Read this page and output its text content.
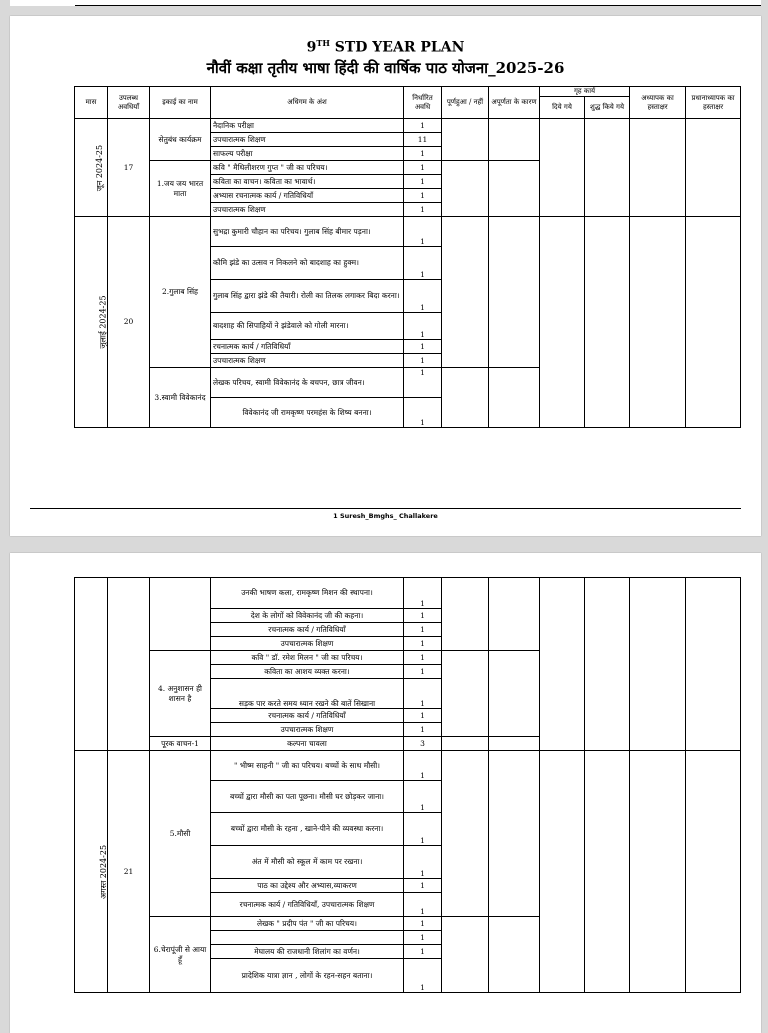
9TH STD YEAR PLAN
नौवीं कक्षा तृतीय भाषा हिंदी की वार्षिक पाठ योजना_2025-26
मास	उपलब्ध अवधियाँ	इकाई का नाम	अधिगम के अंश	निर्धारित अवधि	पूर्णहुआ / नहीं	अपूर्णता के कारण	गृह कार्य		अध्यापक का हस्ताक्षर	प्रधानाध्यापक का हस्ताक्षर
							दिये गये	शुद्ध किये गये		
जून 2024-25	17	सेतुबंध कार्यक्रम	नैदानिक परीक्षा	1						
			उपचारात्मक शिक्षण	11						
			साफल्य परीक्षा	1						
		1.जय जय भारत माता	कवि " मैथिलीशरण गुप्त " जी का परिचय।	1						
			कविता का वाचन। कविता का भावार्थ।	1						
			अभ्यास रचनात्मक कार्य / गतिविधियाँ	1						
			उपचारात्मक शिक्षण	1						
जुलाई 2024-25	20	2.गुलाब सिंह	सुभद्रा कुमारी चौहान का परिचय। गुलाब सिंह बीमार पड़ना।	1						
			कौमि झंडे का उत्सव न निकलने को बादशाह का हुक्म।	1						
			गुलाब सिंह द्वारा झंडे की तैयारी। रोली का तिलक लगाकर बिदा करना।	1						
			बादशाह की सिपाहियों ने झंडेवाले को गोली मारना।	1						
			रचनात्मक कार्य / गतिविधियाँ	1						
			उपचारात्मक शिक्षण	1						
		3.स्वामी विवेकानंद	लेखक परिचय, स्वामी विवेकानंद के बचपन, छात्र जीवन।	1						
			विवेकानंद जी रामकृष्ण परमहंस के शिष्य बनना।	1						
1 Suresh_Bmghs_ Challakere
			उनकी भाषण कला, रामकृष्ण मिशन की स्थापना।	1						
			देश के लोगों को विवेकानंद जी की कहना।	1						
			रचनात्मक कार्य / गतिविधियाँ	1						
			उपचारात्मक शिक्षण	1						
		4. अनुशासन ही शासन है	कवि " डॉ. रमेश मिलन " जी का परिचय।	1						
			कविता का आशय व्यक्त करना।	1						
			सड़क पार करते समय ध्यान रखने की बातें सिखाना	1						
			रचनात्मक कार्य / गतिविधियाँ	1						
			उपचारात्मक शिक्षण	1						
		पूरक वाचन-1	कल्पना चावला	3						
अगस्त 2024-25	21	5.मौसी	" भीष्म साहनी " जी का परिचय। बच्चों के साथ मौसी।	1						
			बच्चों द्वारा मौसी का पता पूछना। मौसी घर छोड़कर जाना।	1						
			बच्चों द्वारा मौसी के रहना , खाने-पीने की व्यवस्था करना।	1						
			अंत में मौसी को स्कूल में काम पर रखना।	1						
			पाठ का उद्देश्य और अभ्यास,व्याकरण	1						
			रचनात्मक कार्य / गतिविधियाँ, उपचारात्मक शिक्षण	1						
		6.चेरापूंजी से आया हूँ	लेखक " प्रदीप पंत " जी का परिचय।	1						
				1						
			मेघालय की राजधानी शिलांग का वर्णन।	1						
			प्रादेशिक यात्रा ज्ञान , लोगों के रहन-सहन बताना।	1						
